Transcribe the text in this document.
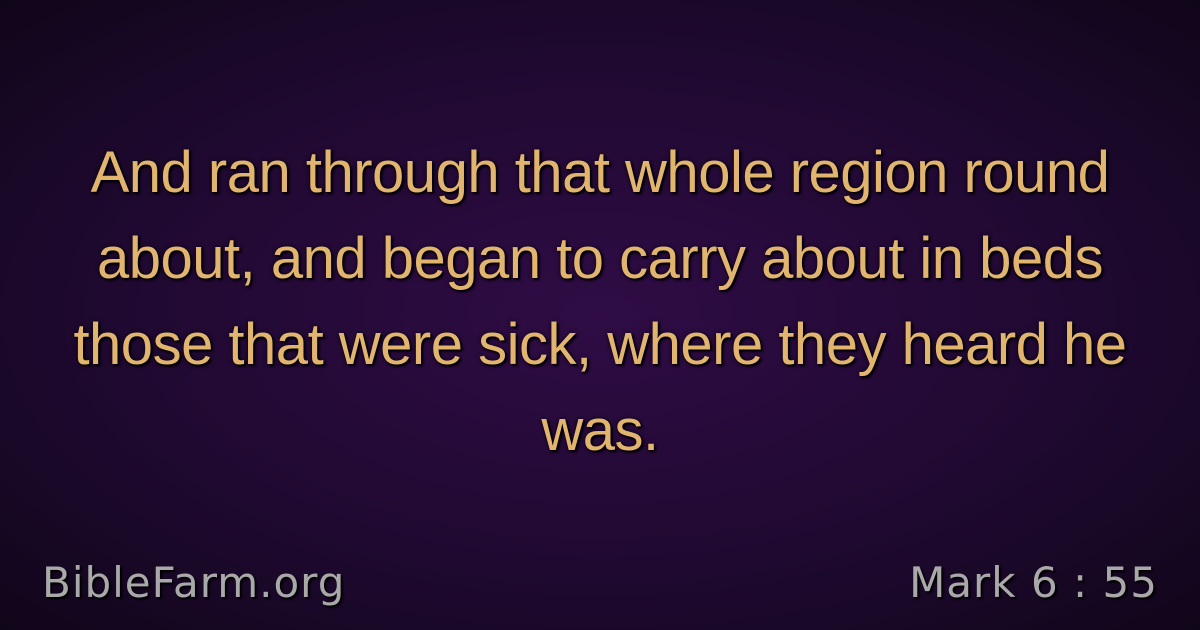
And ran through that whole region round about, and began to carry about in beds those that were sick, where they heard he was.
BibleFarm.org	Mark 6 : 55
